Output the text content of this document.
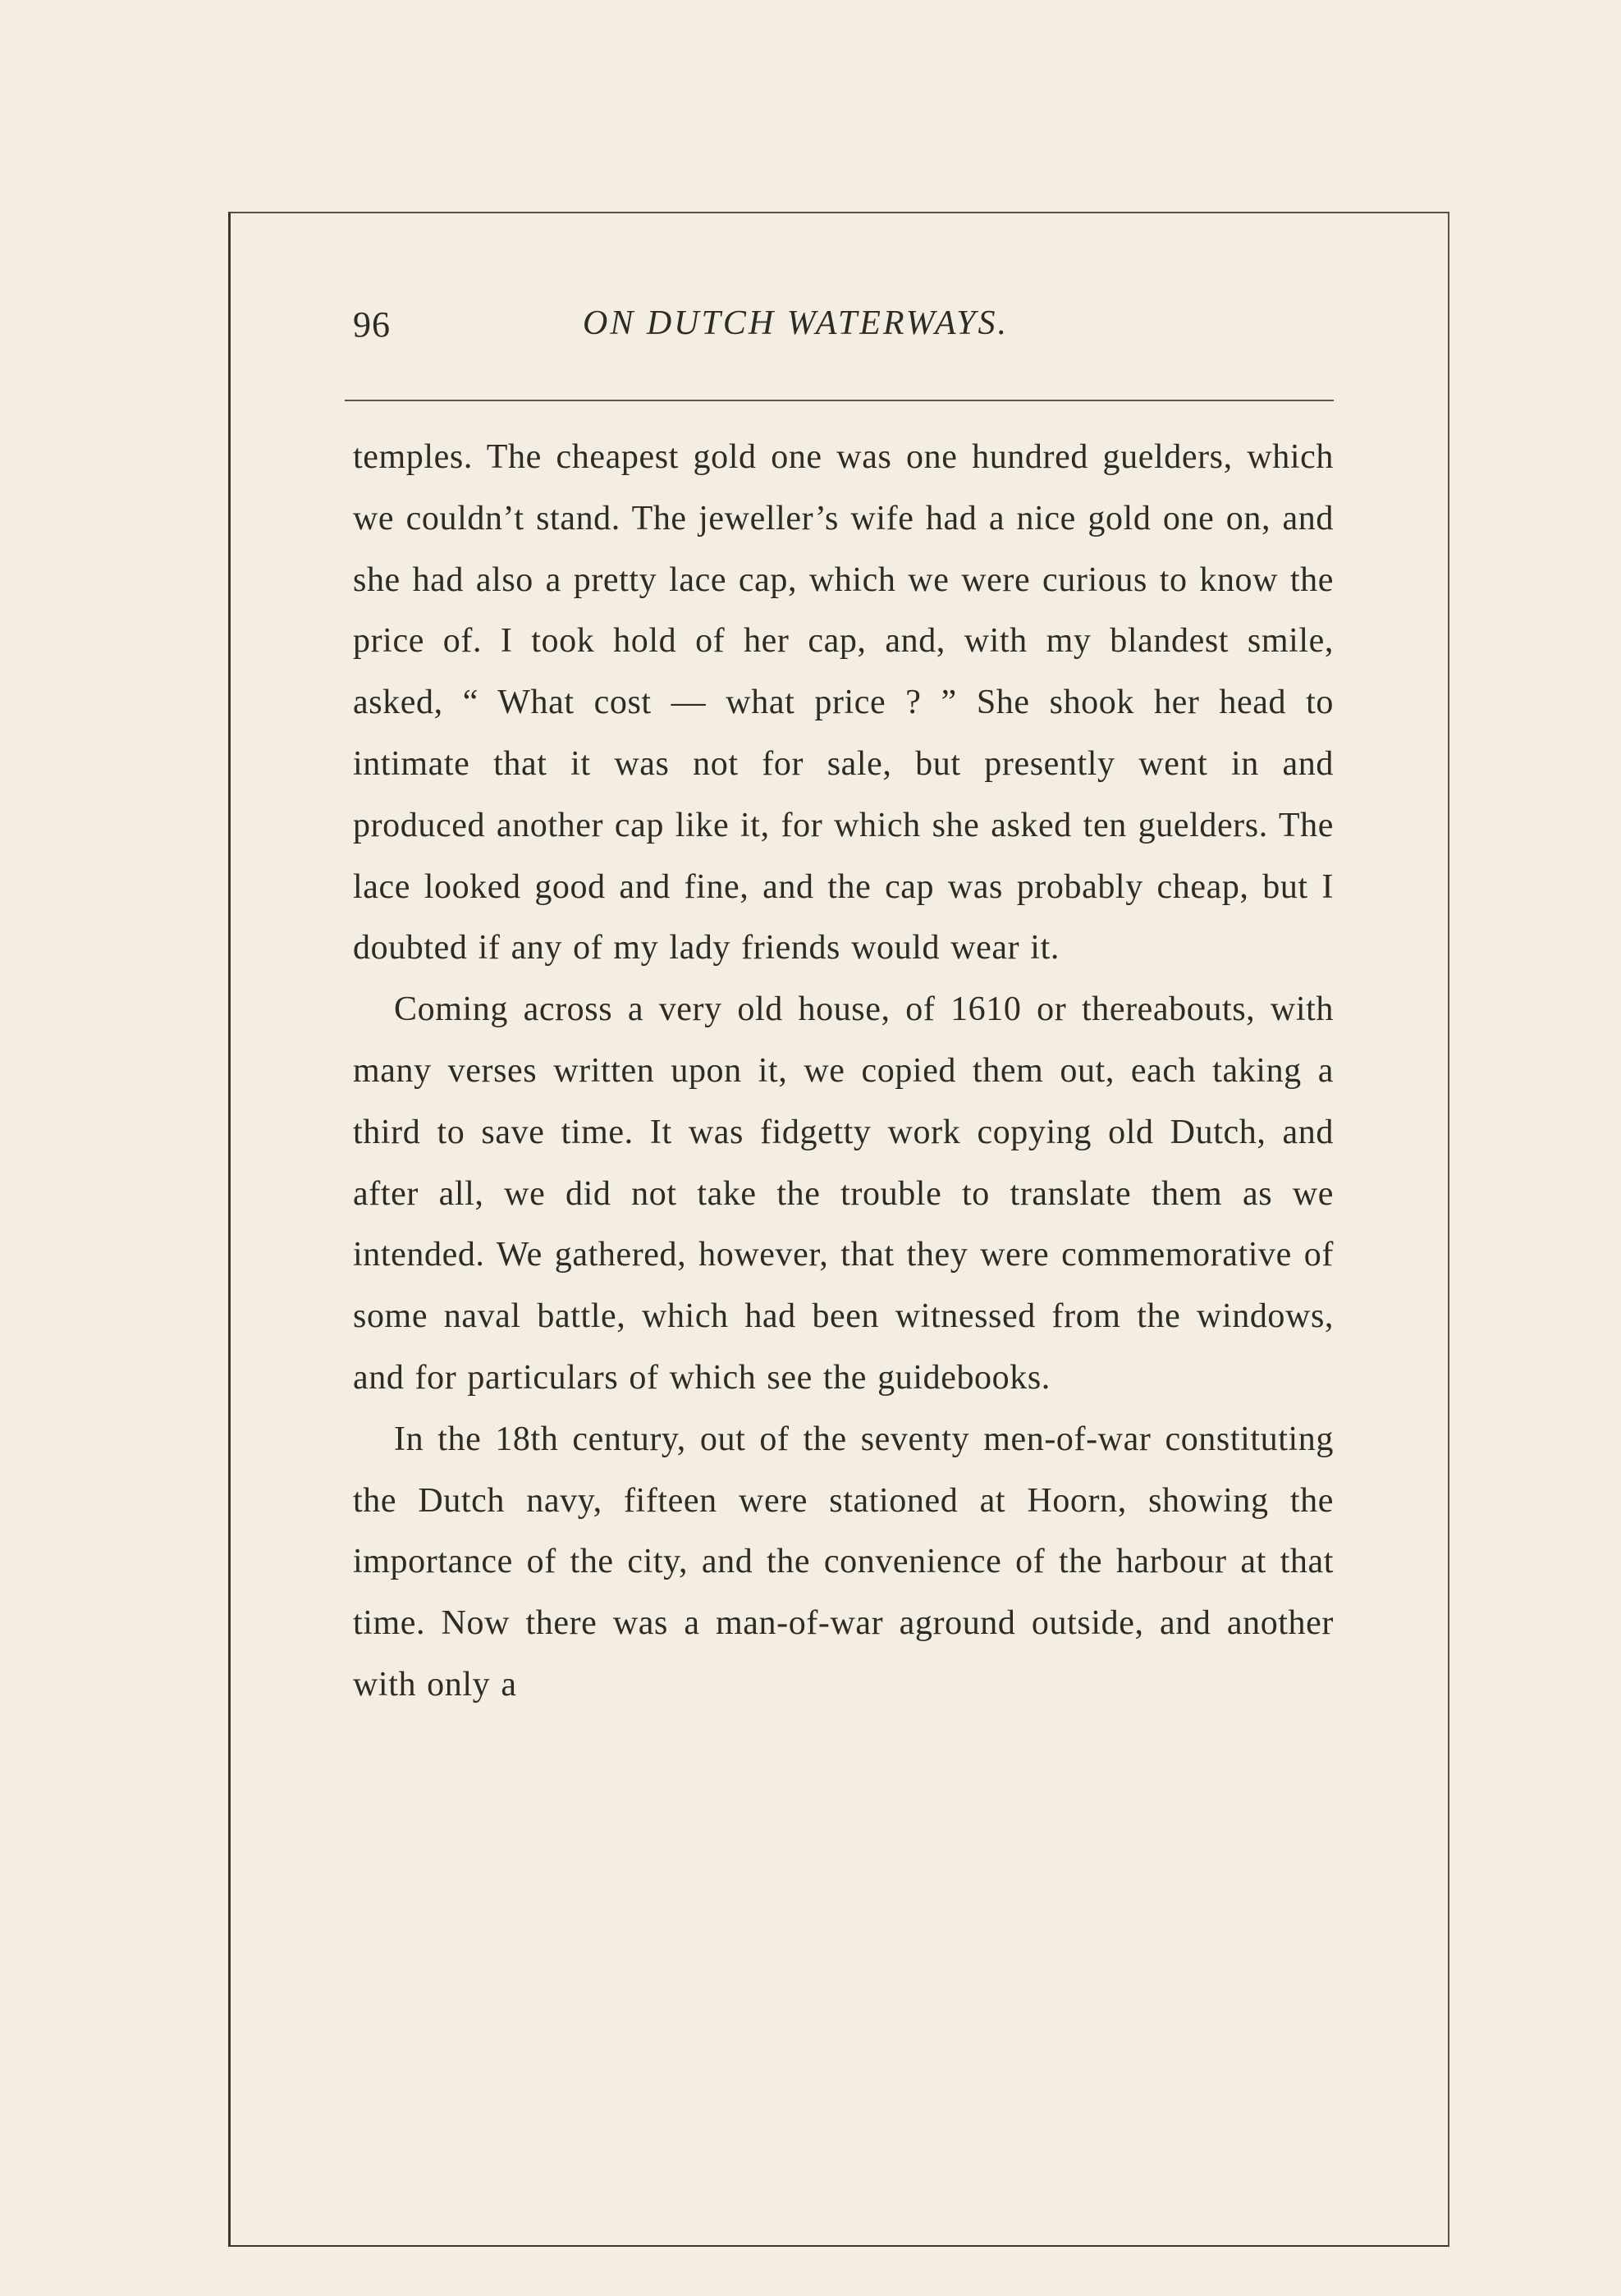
96	ON DUTCH WATERWAYS.

temples. The cheapest gold one was one hundred guelders, which we couldn’t stand. The jeweller’s wife had a nice gold one on, and she had also a pretty lace cap, which we were curious to know the price of. I took hold of her cap, and, with my blandest smile, asked, “ What cost — what price ? ” She shook her head to intimate that it was not for sale, but presently went in and produced another cap like it, for which she asked ten guelders. The lace looked good and fine, and the cap was probably cheap, but I doubted if any of my lady friends would wear it.

Coming across a very old house, of 1610 or thereabouts, with many verses written upon it, we copied them out, each taking a third to save time. It was fidgetty work copying old Dutch, and after all, we did not take the trouble to translate them as we intended. We gathered, however, that they were commemorative of some naval battle, which had been witnessed from the windows, and for particulars of which see the guidebooks.

In the 18th century, out of the seventy men-of-war constituting the Dutch navy, fifteen were stationed at Hoorn, showing the importance of the city, and the convenience of the harbour at that time. Now there was a man-of-war aground outside, and another with only a
